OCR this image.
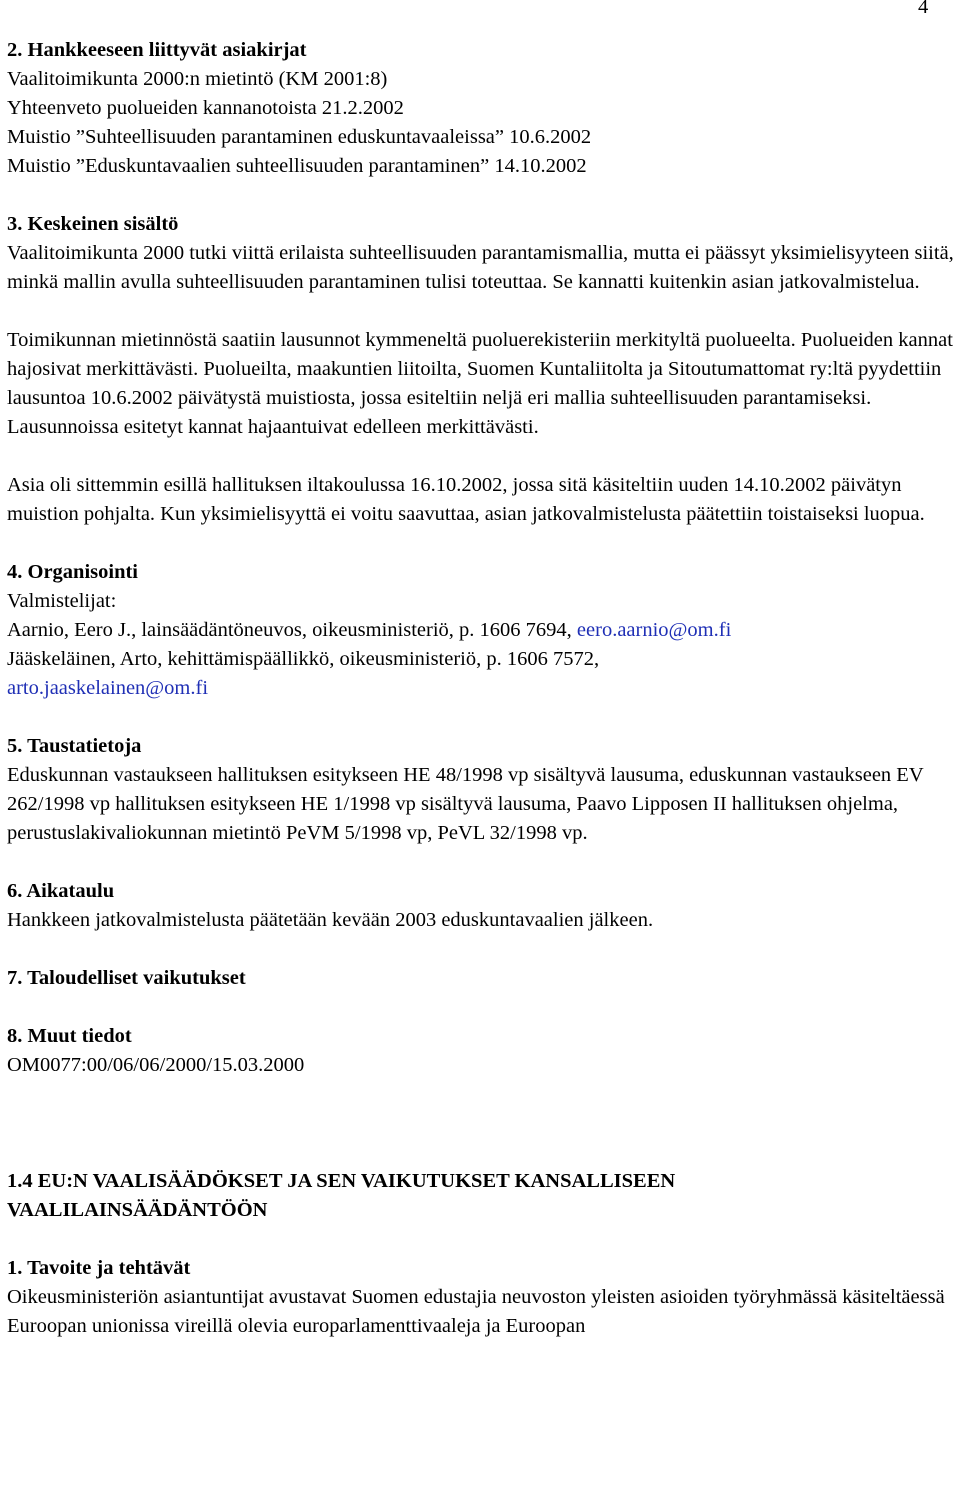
4
2. Hankkeeseen liittyvät asiakirjat
Vaalitoimikunta 2000:n mietintö (KM 2001:8)
Yhteenveto puolueiden kannanotoista 21.2.2002
Muistio ”Suhteellisuuden parantaminen eduskuntavaaleissa” 10.6.2002
Muistio ”Eduskuntavaalien suhteellisuuden parantaminen” 14.10.2002
3. Keskeinen sisältö

Vaalitoimikunta 2000 tutki viittä erilaista suhteellisuuden parantamismallia, mutta ei päässyt yksimielisyyteen siitä, minkä mallin avulla suhteellisuuden parantaminen tulisi toteuttaa. Se kannatti kuitenkin asian jatkovalmistelua.

Toimikunnan mietinnöstä saatiin lausunnot kymmeneltä puoluerekisteriin merkityltä puolueelta. Puolueiden kannat hajosivat merkittävästi. Puolueilta, maakuntien liitoilta, Suomen Kuntaliitolta ja Sitoutumattomat ry:ltä pyydettiin lausuntoa 10.6.2002 päivätystä muistiosta, jossa esiteltiin neljä eri mallia suhteellisuuden parantamiseksi. Lausunnoissa esitetyt kannat hajaantuivat edelleen merkittävästi.

Asia oli sittemmin esillä hallituksen iltakoulussa 16.10.2002, jossa sitä käsiteltiin uuden 14.10.2002 päivätyn muistion pohjalta. Kun yksimielisyyttä ei voitu saavuttaa, asian jatkovalmistelusta päätettiin toistaiseksi luopua.

4. Organisointi
Valmistelijat:
Aarnio, Eero J., lainsäädäntöneuvos, oikeusministeriö, p. 1606 7694, eero.aarnio@om.fi
Jääskeläinen, Arto, kehittämispäällikkö, oikeusministeriö, p. 1606 7572,
arto.jaaskelainen@om.fi
5. Taustatietoja

Eduskunnan vastaukseen hallituksen esitykseen HE 48/1998 vp sisältyvä lausuma, eduskunnan vastaukseen EV 262/1998 vp hallituksen esitykseen HE 1/1998 vp sisältyvä lausuma, Paavo Lipposen II hallituksen ohjelma, perustuslakivaliokunnan mietintö PeVM 5/1998 vp, PeVL 32/1998 vp.

6. Aikataulu

Hankkeen jatkovalmistelusta päätetään kevään 2003 eduskuntavaalien jälkeen.

7. Taloudelliset vaikutukset
8. Muut tiedot
OM0077:00/06/06/2000/15.03.2000
1.4 EU:N VAALISÄÄDÖKSET JA SEN VAIKUTUKSET KANSALLISEEN
VAALILAINSÄÄDÄNTÖÖN
1. Tavoite ja tehtävät

Oikeusministeriön asiantuntijat avustavat Suomen edustajia neuvoston yleisten asioiden työryhmässä käsiteltäessä Euroopan unionissa vireillä olevia europarlamenttivaaleja ja Euroopan
